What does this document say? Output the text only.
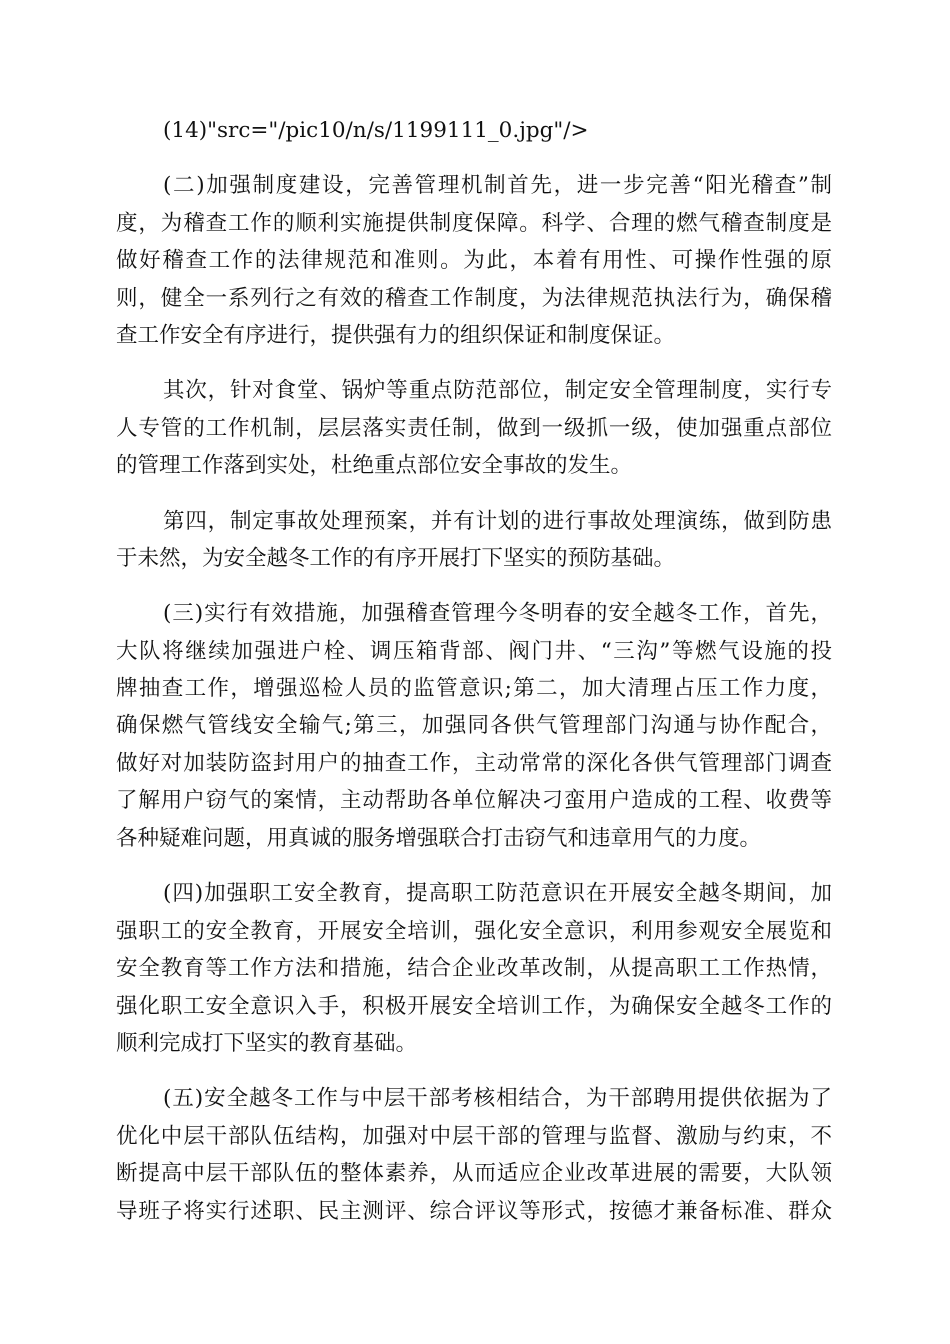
(14)"src="/pic10/n/s/1199111_0.jpg"/>
(二)加强制度建设，完善管理机制首先，进一步完善“阳光稽查”制
度，为稽查工作的顺利实施提供制度保障。科学、合理的燃气稽查制度是
做好稽查工作的法律规范和准则。为此，本着有用性、可操作性强的原
则，健全一系列行之有效的稽查工作制度，为法律规范执法行为，确保稽
查工作安全有序进行，提供强有力的组织保证和制度保证。
其次，针对食堂、锅炉等重点防范部位，制定安全管理制度，实行专
人专管的工作机制，层层落实责任制，做到一级抓一级，使加强重点部位
的管理工作落到实处，杜绝重点部位安全事故的发生。
第四，制定事故处理预案，并有计划的进行事故处理演练，做到防患
于未然，为安全越冬工作的有序开展打下坚实的预防基础。
(三)实行有效措施，加强稽查管理今冬明春的安全越冬工作，首先，
大队将继续加强进户栓、调压箱背部、阀门井、“三沟”等燃气设施的投
牌抽查工作，增强巡检人员的监管意识;第二，加大清理占压工作力度，
确保燃气管线安全输气;第三，加强同各供气管理部门沟通与协作配合，
做好对加装防盗封用户的抽查工作，主动常常的深化各供气管理部门调查
了解用户窃气的案情，主动帮助各单位解决刁蛮用户造成的工程、收费等
各种疑难问题，用真诚的服务增强联合打击窃气和违章用气的力度。
(四)加强职工安全教育，提高职工防范意识在开展安全越冬期间，加
强职工的安全教育，开展安全培训，强化安全意识，利用参观安全展览和
安全教育等工作方法和措施，结合企业改革改制，从提高职工工作热情，
强化职工安全意识入手，积极开展安全培训工作，为确保安全越冬工作的
顺利完成打下坚实的教育基础。
(五)安全越冬工作与中层干部考核相结合，为干部聘用提供依据为了
优化中层干部队伍结构，加强对中层干部的管理与监督、激励与约束，不
断提高中层干部队伍的整体素养，从而适应企业改革进展的需要，大队领
导班子将实行述职、民主测评、综合评议等形式，按德才兼备标准、群众
